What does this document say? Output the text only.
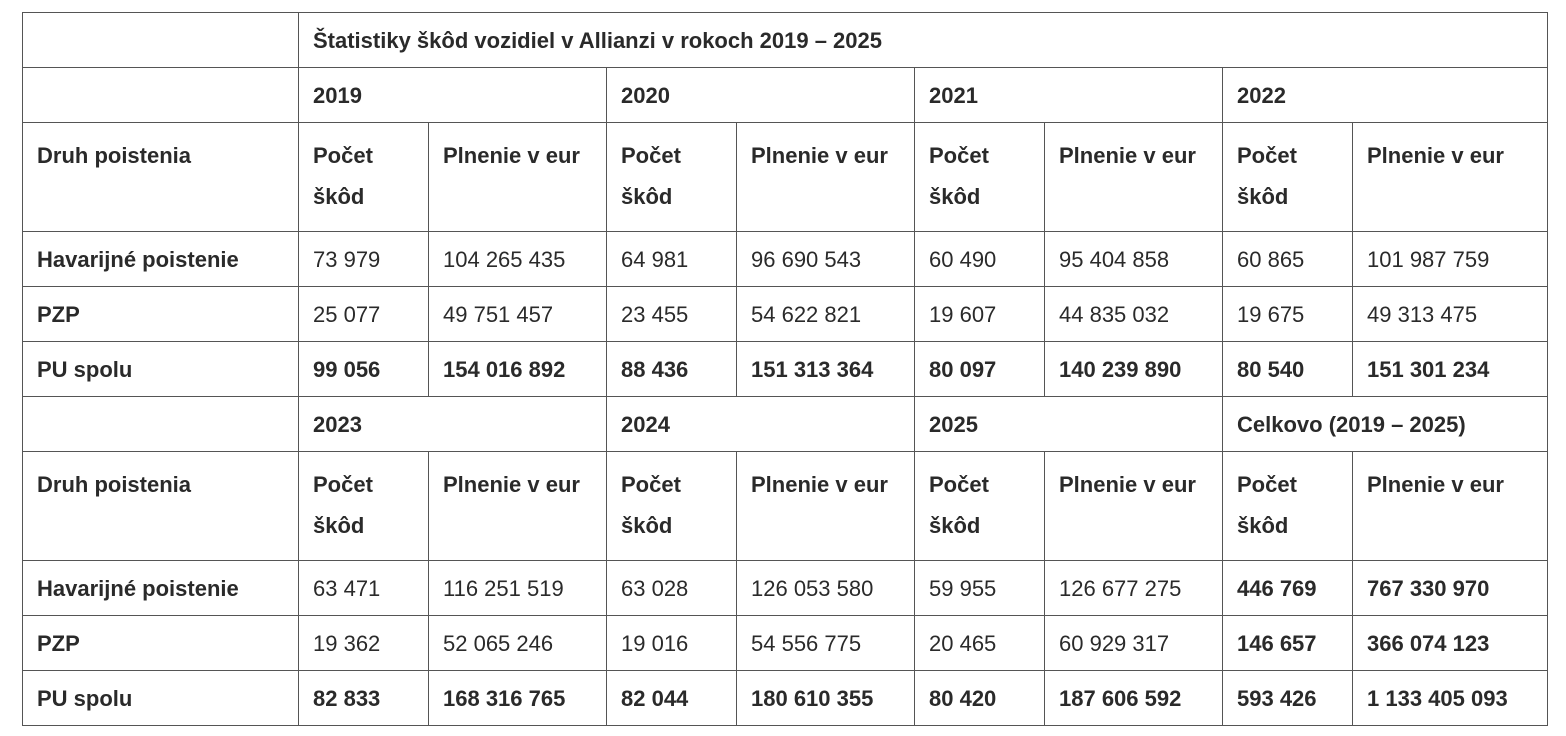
	Štatistiky škôd vozidiel v Allianzi v rokoch 2019 – 2025							
	2019		2020		2021		2022	
Druh poistenia	Počet škôd	Plnenie v eur	Počet škôd	Plnenie v eur	Počet škôd	Plnenie v eur	Počet škôd	Plnenie v eur
Havarijné poistenie	73 979	104 265 435	64 981	96 690 543	60 490	95 404 858	60 865	101 987 759
PZP	25 077	49 751 457	23 455	54 622 821	19 607	44 835 032	19 675	49 313 475
PU spolu	99 056	154 016 892	88 436	151 313 364	80 097	140 239 890	80 540	151 301 234
	2023		2024		2025		Celkovo (2019 – 2025)	
Druh poistenia	Počet škôd	Plnenie v eur	Počet škôd	Plnenie v eur	Počet škôd	Plnenie v eur	Počet škôd	Plnenie v eur
Havarijné poistenie	63 471	116 251 519	63 028	126 053 580	59 955	126 677 275	446 769	767 330 970
PZP	19 362	52 065 246	19 016	54 556 775	20 465	60 929 317	146 657	366 074 123
PU spolu	82 833	168 316 765	82 044	180 610 355	80 420	187 606 592	593 426	1 133 405 093
